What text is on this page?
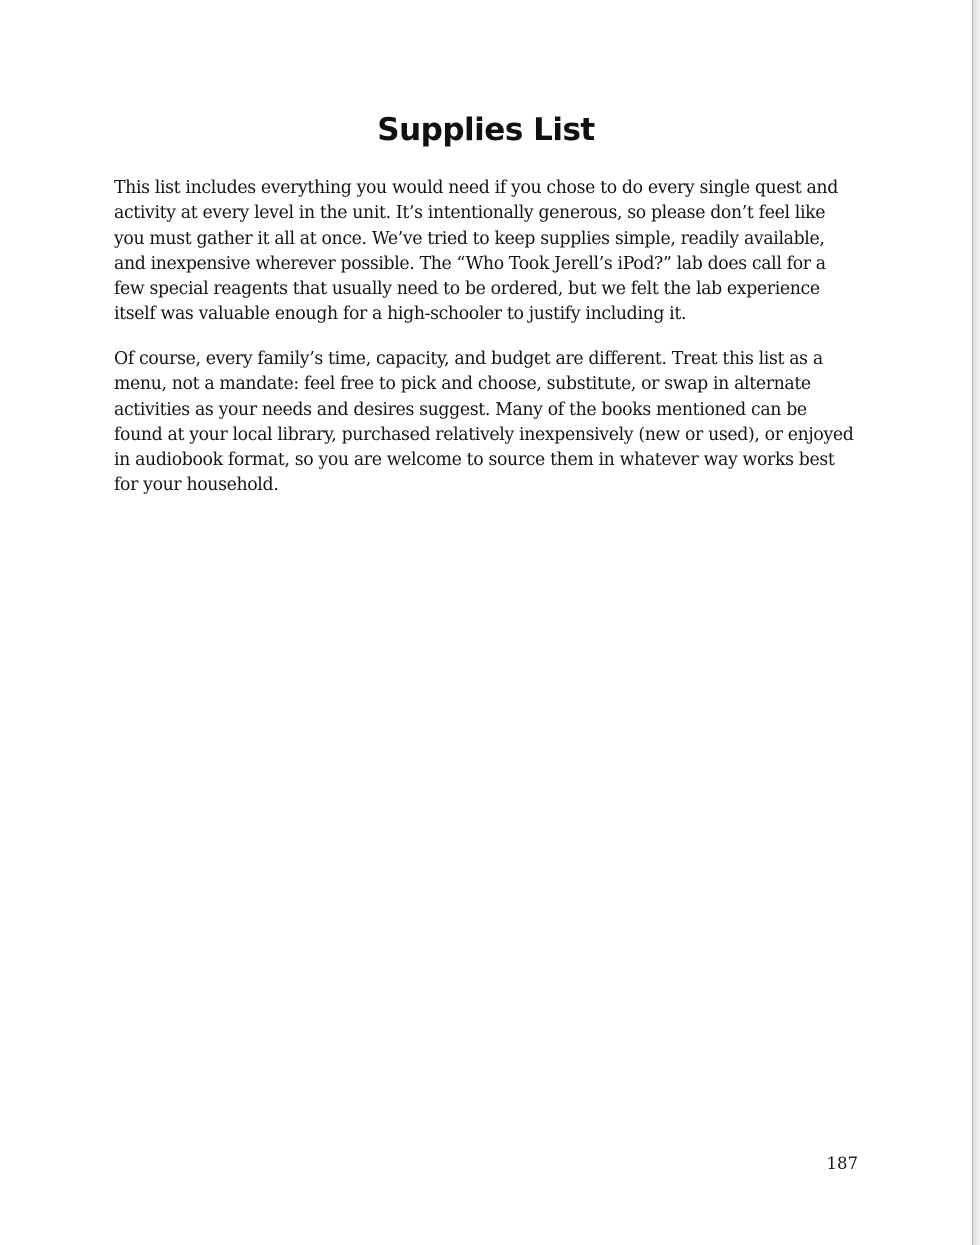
Supplies List

This list includes everything you would need if you chose to do every single quest and activity at every level in the unit. It’s intentionally generous, so please don’t feel like you must gather it all at once. We’ve tried to keep supplies simple, readily available, and inexpensive wherever possible. The “Who Took Jerell’s iPod?” lab does call for a few special reagents that usually need to be ordered, but we felt the lab experience itself was valuable enough for a high-schooler to justify including it.

Of course, every family’s time, capacity, and budget are different. Treat this list as a menu, not a mandate: feel free to pick and choose, substitute, or swap in alternate activities as your needs and desires suggest. Many of the books mentioned can be found at your local library, purchased relatively inexpensively (new or used), or enjoyed in audiobook format, so you are welcome to source them in whatever way works best for your household.

187
